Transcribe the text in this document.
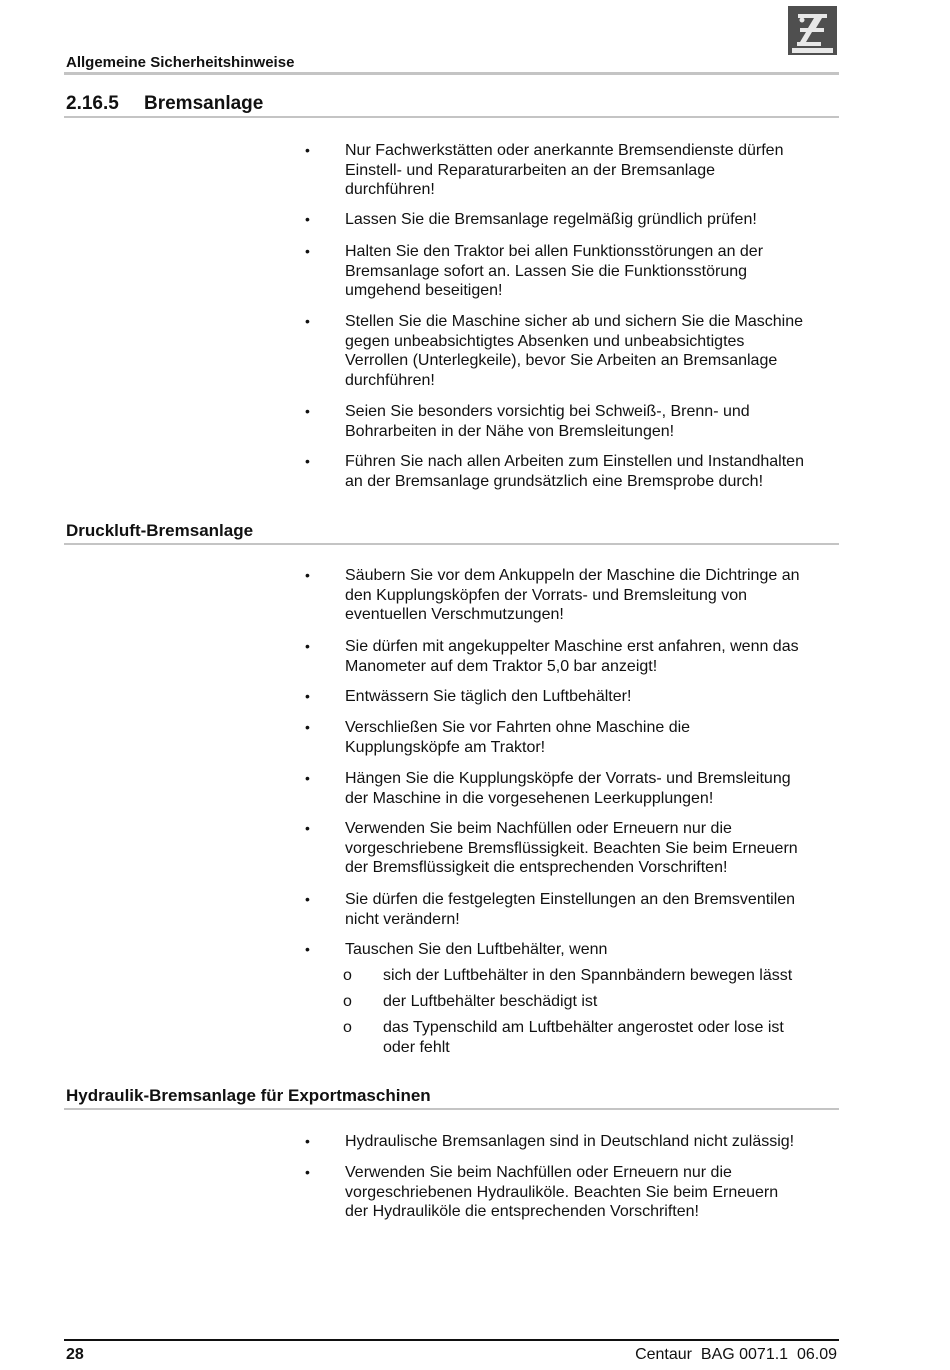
Allgemeine Sicherheitshinweise
2.16.5 Bremsanlage
• Nur Fachwerkstätten oder anerkannte Bremsendienste dürfen
Einstell- und Reparaturarbeiten an der Bremsanlage
durchführen!
• Lassen Sie die Bremsanlage regelmäßig gründlich prüfen!
• Halten Sie den Traktor bei allen Funktionsstörungen an der
Bremsanlage sofort an. Lassen Sie die Funktionsstörung
umgehend beseitigen!
• Stellen Sie die Maschine sicher ab und sichern Sie die Maschine
gegen unbeabsichtigtes Absenken und unbeabsichtigtes
Verrollen (Unterlegkeile), bevor Sie Arbeiten an Bremsanlage
durchführen!
• Seien Sie besonders vorsichtig bei Schweiß-, Brenn- und
Bohrarbeiten in der Nähe von Bremsleitungen!
• Führen Sie nach allen Arbeiten zum Einstellen und Instandhalten
an der Bremsanlage grundsätzlich eine Bremsprobe durch!
Druckluft-Bremsanlage
• Säubern Sie vor dem Ankuppeln der Maschine die Dichtringe an
den Kupplungsköpfen der Vorrats- und Bremsleitung von
eventuellen Verschmutzungen!
• Sie dürfen mit angekuppelter Maschine erst anfahren, wenn das
Manometer auf dem Traktor 5,0 bar anzeigt!
• Entwässern Sie täglich den Luftbehälter!
• Verschließen Sie vor Fahrten ohne Maschine die
Kupplungsköpfe am Traktor!
• Hängen Sie die Kupplungsköpfe der Vorrats- und Bremsleitung
der Maschine in die vorgesehenen Leerkupplungen!
• Verwenden Sie beim Nachfüllen oder Erneuern nur die
vorgeschriebene Bremsflüssigkeit. Beachten Sie beim Erneuern
der Bremsflüssigkeit die entsprechenden Vorschriften!
• Sie dürfen die festgelegten Einstellungen an den Bremsventilen
nicht verändern!
• Tauschen Sie den Luftbehälter, wenn
ο sich der Luftbehälter in den Spannbändern bewegen lässt
ο der Luftbehälter beschädigt ist
ο das Typenschild am Luftbehälter angerostet oder lose ist
oder fehlt
Hydraulik-Bremsanlage für Exportmaschinen
• Hydraulische Bremsanlagen sind in Deutschland nicht zulässig!
• Verwenden Sie beim Nachfüllen oder Erneuern nur die
vorgeschriebenen Hydrauliköle. Beachten Sie beim Erneuern
der Hydrauliköle die entsprechenden Vorschriften!
28	Centaur  BAG 0071.1  06.09
